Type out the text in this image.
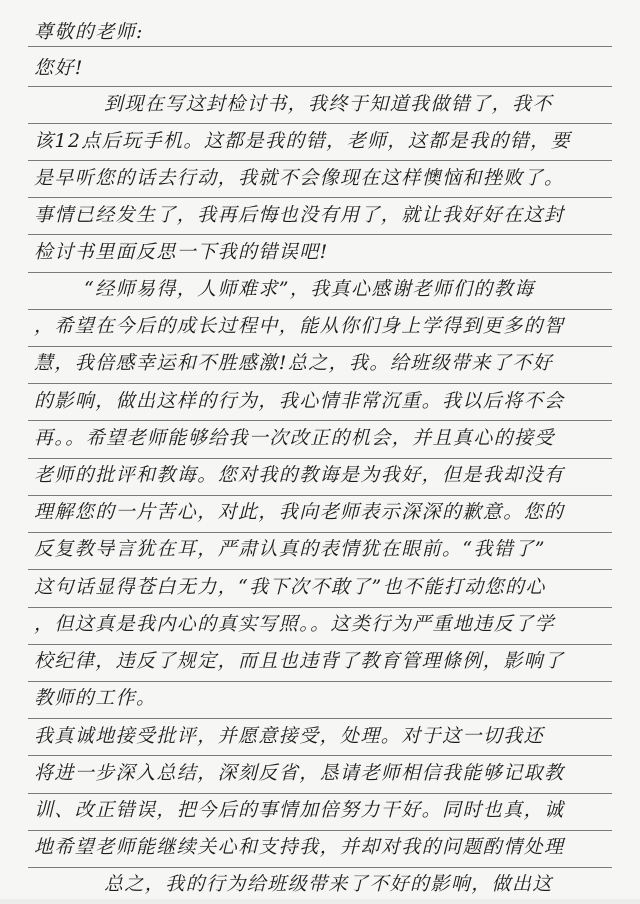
尊敬的老师:
您好!
到现在写这封检讨书，我终于知道我做错了，我不
该12点后玩手机。这都是我的错，老师，这都是我的错，要
是早听您的话去行动，我就不会像现在这样懊恼和挫败了。
事情已经发生了，我再后悔也没有用了，就让我好好在这封
检讨书里面反思一下我的错误吧!
“经师易得，人师难求”，我真心感谢老师们的教诲
，希望在今后的成长过程中，能从你们身上学得到更多的智
慧，我倍感幸运和不胜感激!总之，我。给班级带来了不好
的影响，做出这样的行为，我心情非常沉重。我以后将不会
再。。希望老师能够给我一次改正的机会，并且真心的接受
老师的批评和教诲。您对我的教诲是为我好，但是我却没有
理解您的一片苦心，对此，我向老师表示深深的歉意。您的
反复教导言犹在耳，严肃认真的表情犹在眼前。“我错了”
这句话显得苍白无力，“我下次不敢了”也不能打动您的心
，但这真是我内心的真实写照。。这类行为严重地违反了学
校纪律，违反了规定，而且也违背了教育管理條例，影响了
教师的工作。
我真诚地接受批评，并愿意接受，处理。对于这一切我还
将进一步深入总结，深刻反省，恳请老师相信我能够记取教
训、改正错误，把今后的事情加倍努力干好。同时也真，诚
地希望老师能继续关心和支持我，并却对我的问题酌情处理
总之，我的行为给班级带来了不好的影响，做出这
